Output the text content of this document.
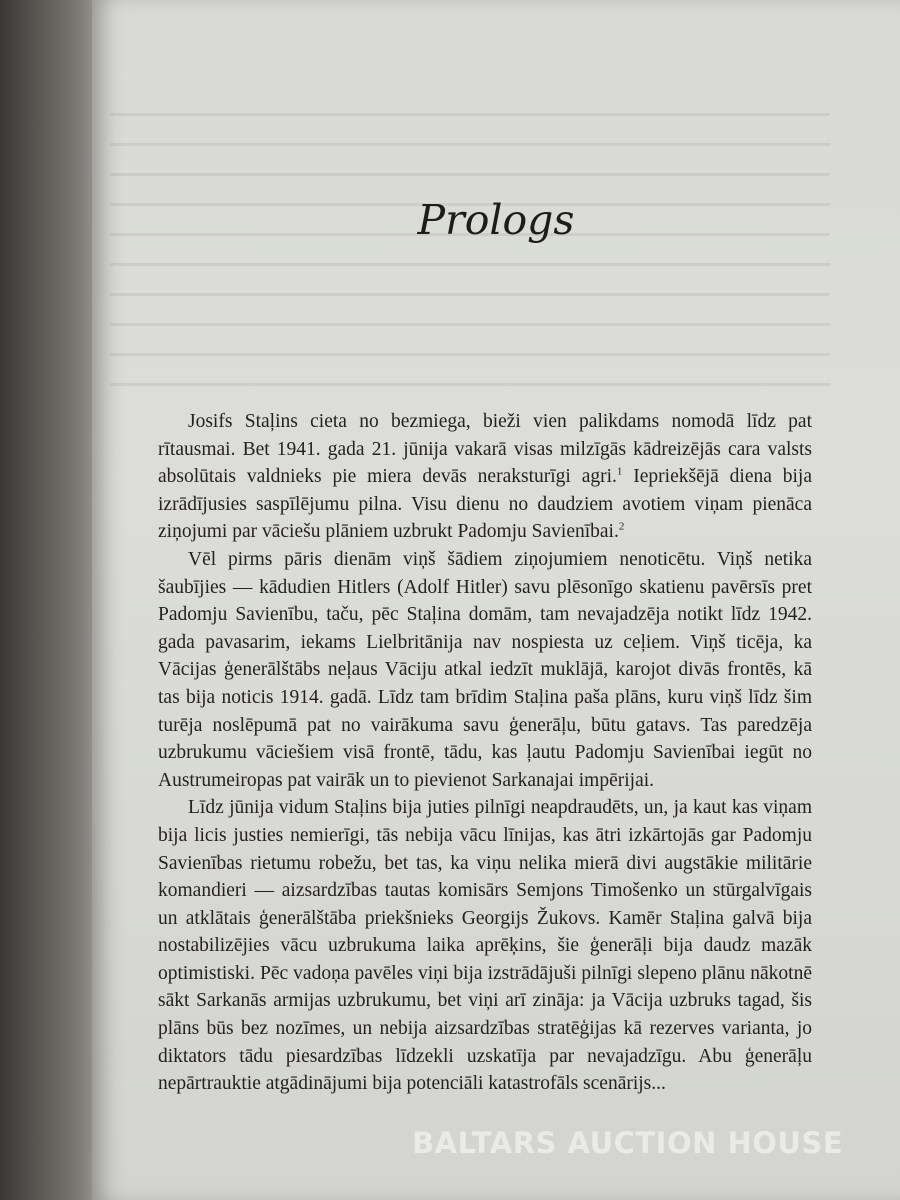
Prologs

Josifs Staļins cieta no bezmiega, bieži vien palikdams nomodā līdz pat rītausmai. Bet 1941. gada 21. jūnija vakarā visas milzīgās kādreizējās cara valsts absolūtais valdnieks pie miera devās neraksturīgi agri.$^1$ Iepriekšējā diena bija izrādījusies saspīlējumu pilna. Visu dienu no daudziem avotiem viņam pienāca ziņojumi par vāciešu plāniem uzbrukt Padomju Savienībai.$^2$

Vēl pirms pāris dienām viņš šādiem ziņojumiem nenoticētu. Viņš netika šaubījies — kādudien Hitlers (Adolf Hitler) savu plēsonīgo skatienu pavērsīs pret Padomju Savienību, taču, pēc Staļina domām, tam nevajadzēja notikt līdz 1942. gada pavasarim, iekams Lielbritānija nav nospiesta uz ceļiem. Viņš ticēja, ka Vācijas ģenerālštābs neļaus Vāciju atkal iedzīt muklājā, karojot divās frontēs, kā tas bija noticis 1914. gadā. Līdz tam brīdim Staļina paša plāns, kuru viņš līdz šim turēja noslēpumā pat no vairākuma savu ģenerāļu, būtu gatavs. Tas paredzēja uzbrukumu vāciešiem visā frontē, tādu, kas ļautu Padomju Savienībai iegūt no Austrumeiropas pat vairāk un to pievienot Sarkanajai impērijai.

Līdz jūnija vidum Staļins bija juties pilnīgi neapdraudēts, un, ja kaut kas viņam bija licis justies nemierīgi, tās nebija vācu līnijas, kas ātri izkārtojās gar Padomju Savienības rietumu robežu, bet tas, ka viņu nelika mierā divi augstākie militārie komandieri — aizsardzības tautas komisārs Semjons Timošenko un stūrgalvīgais un atklātais ģenerālštāba priekšnieks Georgijs Žukovs. Kamēr Staļina galvā bija nostabilizējies vācu uzbrukuma laika aprēķins, šie ģenerāļi bija daudz mazāk optimistiski. Pēc vadoņa pavēles viņi bija izstrādājuši pilnīgi slepeno plānu nākotnē sākt Sarkanās armijas uzbrukumu, bet viņi arī zināja: ja Vācija uzbruks tagad, šis plāns būs bez nozīmes, un nebija aizsardzības stratēģijas kā rezerves varianta, jo diktators tādu piesardzības līdzekli uzskatīja par nevajadzīgu. Abu ģenerāļu nepārtrauktie atgādinājumi bija potenciāli katastrofāls scenārijs...

BALTARS AUCTION HOUSE
